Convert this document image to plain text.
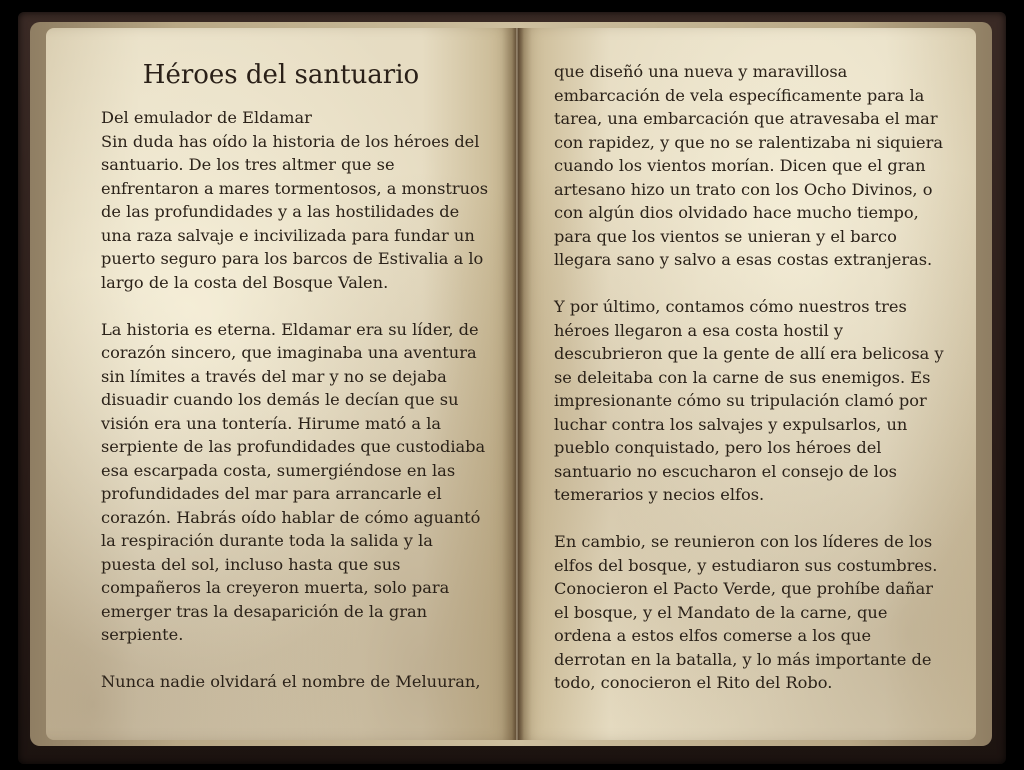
Héroes del santuario

Del emulador de Eldamar

Sin duda has oído la historia de los héroes del santuario. De los tres altmer que se enfrentaron a mares tormentosos, a monstruos de las profundidades y a las hostilidades de una raza salvaje e incivilizada para fundar un puerto seguro para los barcos de Estivalia a lo largo de la costa del Bosque Valen.

La historia es eterna. Eldamar era su líder, de corazón sincero, que imaginaba una aventura sin límites a través del mar y no se dejaba disuadir cuando los demás le decían que su visión era una tontería. Hirume mató a la serpiente de las profundidades que custodiaba esa escarpada costa, sumergiéndose en las profundidades del mar para arrancarle el corazón. Habrás oído hablar de cómo aguantó la respiración durante toda la salida y la puesta del sol, incluso hasta que sus compañeros la creyeron muerta, solo para emerger tras la desaparición de la gran serpiente.

Nunca nadie olvidará el nombre de Meluuran,

que diseñó una nueva y maravillosa embarcación de vela específicamente para la tarea, una embarcación que atravesaba el mar con rapidez, y que no se ralentizaba ni siquiera cuando los vientos morían. Dicen que el gran artesano hizo un trato con los Ocho Divinos, o con algún dios olvidado hace mucho tiempo, para que los vientos se unieran y el barco llegara sano y salvo a esas costas extranjeras.

Y por último, contamos cómo nuestros tres héroes llegaron a esa costa hostil y descubrieron que la gente de allí era belicosa y se deleitaba con la carne de sus enemigos. Es impresionante cómo su tripulación clamó por luchar contra los salvajes y expulsarlos, un pueblo conquistado, pero los héroes del santuario no escucharon el consejo de los temerarios y necios elfos.

En cambio, se reunieron con los líderes de los elfos del bosque, y estudiaron sus costumbres. Conocieron el Pacto Verde, que prohíbe dañar el bosque, y el Mandato de la carne, que ordena a estos elfos comerse a los que derrotan en la batalla, y lo más importante de todo, conocieron el Rito del Robo.
